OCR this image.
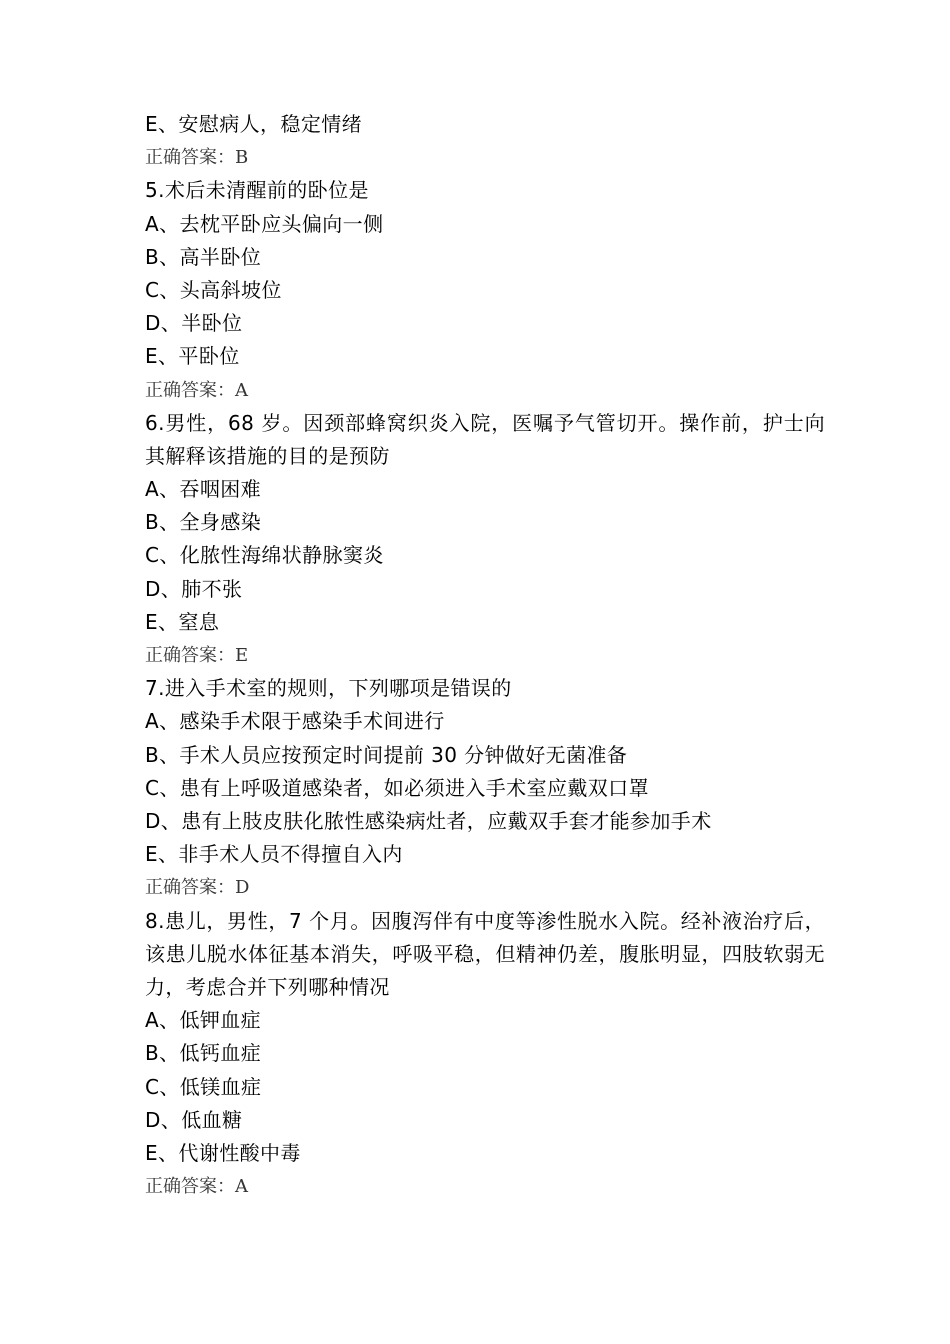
E、安慰病人，稳定情绪
正确答案：B
5.术后未清醒前的卧位是
A、去枕平卧应头偏向一侧
B、高半卧位
C、头高斜坡位
D、半卧位
E、平卧位
正确答案：A
6.男性，68 岁。因颈部蜂窝织炎入院，医嘱予气管切开。操作前，护士向其解释该措施的目的是预防
A、吞咽困难
B、全身感染
C、化脓性海绵状静脉窦炎
D、肺不张
E、窒息
正确答案：E
7.进入手术室的规则，下列哪项是错误的
A、感染手术限于感染手术间进行
B、手术人员应按预定时间提前 30 分钟做好无菌准备
C、患有上呼吸道感染者，如必须进入手术室应戴双口罩
D、患有上肢皮肤化脓性感染病灶者，应戴双手套才能参加手术
E、非手术人员不得擅自入内
正确答案：D
8.患儿，男性，7 个月。因腹泻伴有中度等渗性脱水入院。经补液治疗后，该患儿脱水体征基本消失，呼吸平稳，但精神仍差，腹胀明显，四肢软弱无力，考虑合并下列哪种情况
A、低钾血症
B、低钙血症
C、低镁血症
D、低血糖
E、代谢性酸中毒
正确答案：A
